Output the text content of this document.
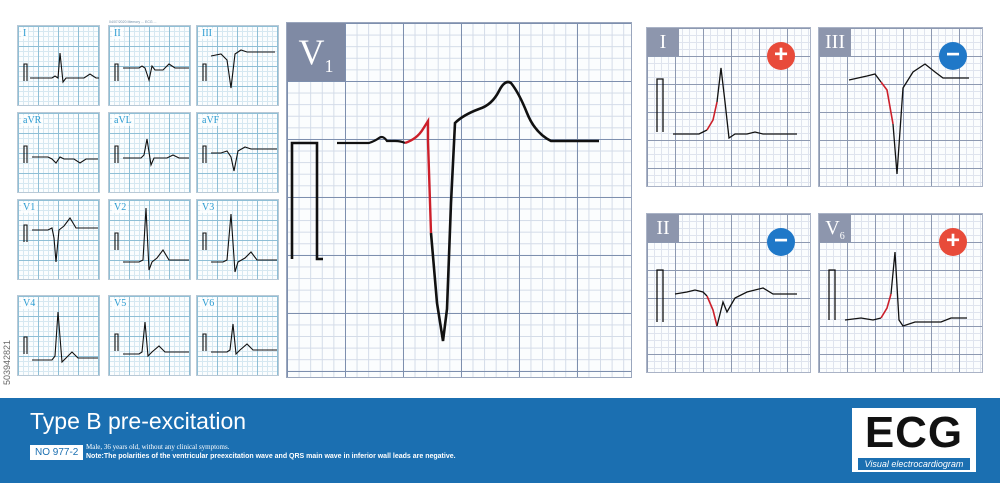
I	II	III
aVR	aVL	aVF
V1	V2	V3
V4	V5	V6
04/07/2020 Memory ... ECG ...
$V_1$
I	+	III	−
II	−	$V_6$	+
503942821
Type B pre-excitation
NO 977-2	Male, 36 years old, without any clinical symptoms.
Note:The polarities of the ventricular preexcitation wave and QRS main wave in inferior wall leads are negative.	ECG
Visual electrocardiogram
